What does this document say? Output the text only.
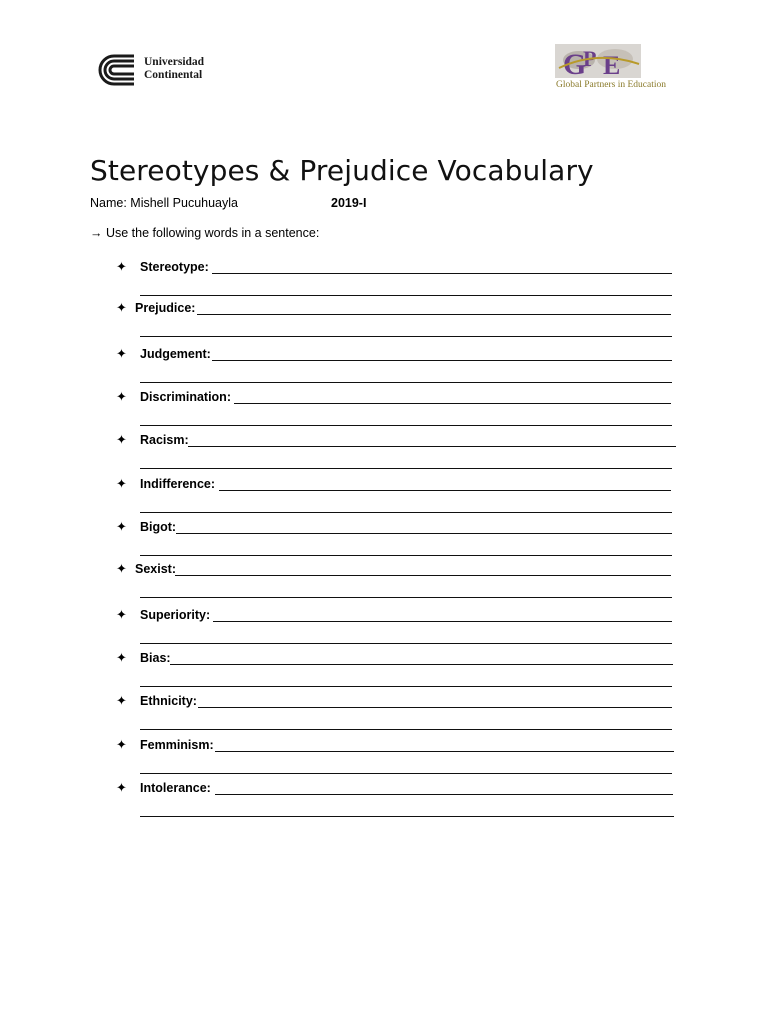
Universidad
Continental	G
P E
Global Partners in Education
Stereotypes & Prejudice Vocabulary
Name: Mishell Pucuhuayla	2019-I
→ Use the following words in a sentence:
✦ Stereotype:
✦ Prejudice:
✦ Judgement:
✦ Discrimination:
✦ Racism:
✦ Indifference:
✦ Bigot:
✦ Sexist:
✦ Superiority:
✦ Bias:
✦ Ethnicity:
✦ Femminism:
✦ Intolerance:
